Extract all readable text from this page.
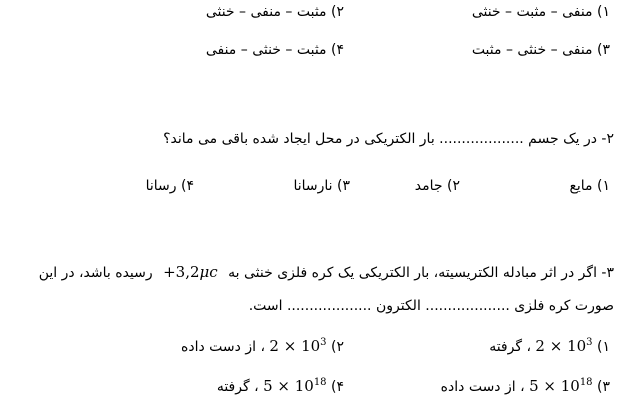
۱) منفی – مثبت – خنثی
۲) مثبت – منفی – خنثی
۳) منفی – خنثی – مثبت
۴) مثبت – خنثی – منفی
۲- در یک جسم ................... بار الکتریکی در محل ایجاد شده باقی می ماند؟
۱) مایع
۲) جامد
۳) نارسانا
۴) رسانا
۳- اگر در اثر مبادله الکتریسیته، بار الکتریکی یک کره فلزی خنثی به +3,2μc رسیده باشد، در این
صورت کره فلزی ................... الکترون ................... است.
۱) $2 \times 10^3$ ، گرفته
۲) $2 \times 10^3$ ، از دست داده
۳) $5 \times 10^{18}$ ، از دست داده
۴) $5 \times 10^{18}$ ، گرفته
